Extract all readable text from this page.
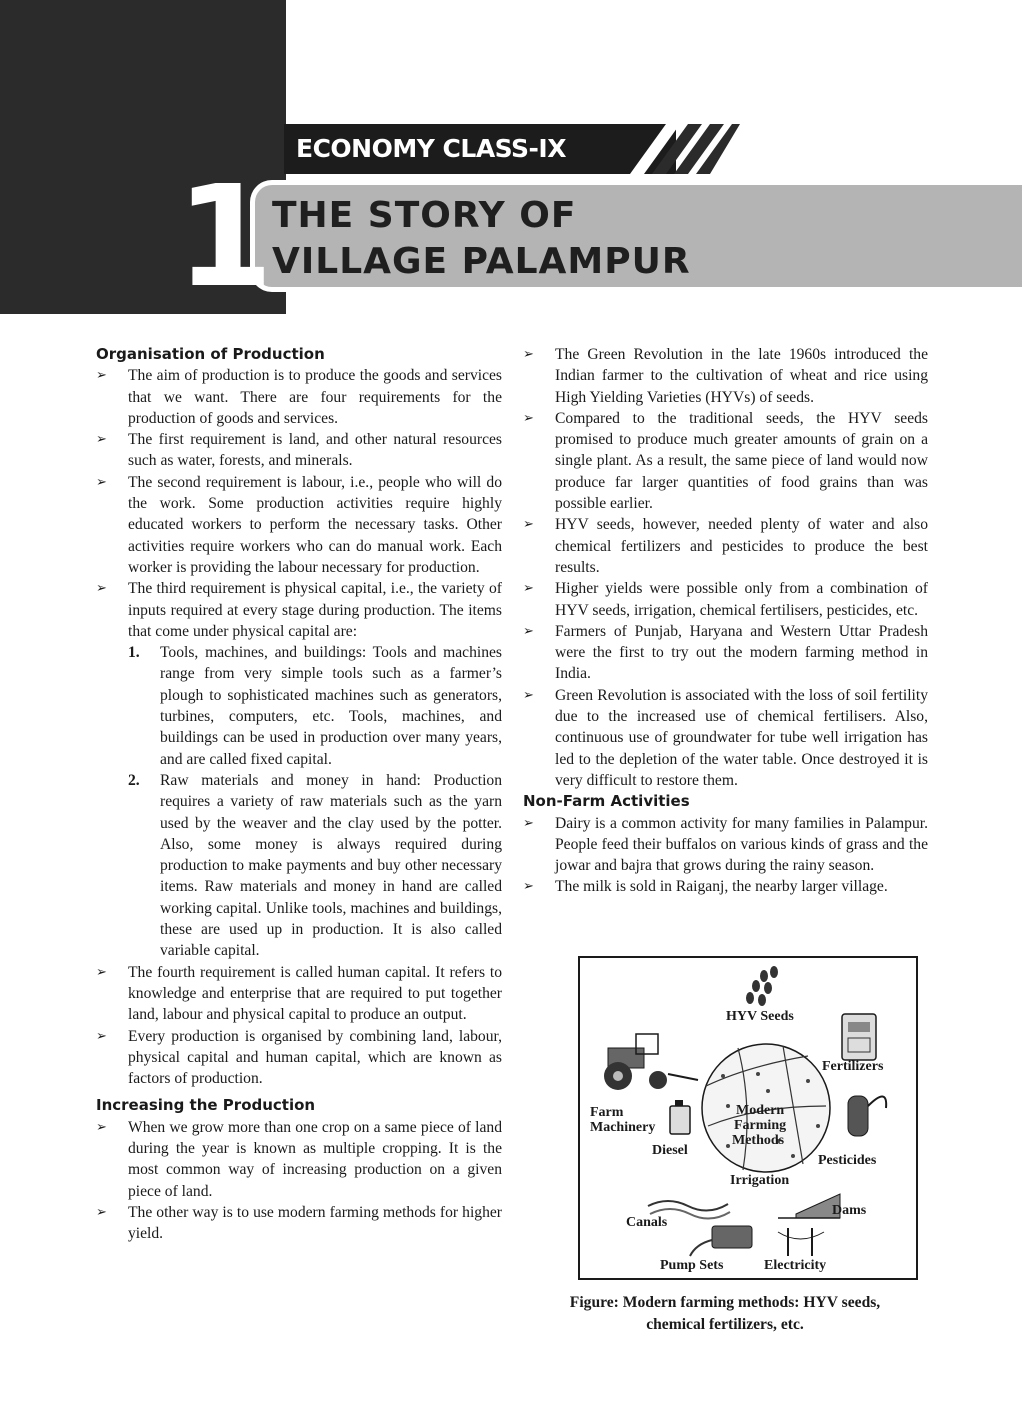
ECONOMY CLASS-IX
1
THE STORY OF
VILLAGE PALAMPUR
Organisation of Production
➢ The aim of production is to produce the goods and services that we want. There are four requirements for the production of goods and services.
➢ The first requirement is land, and other natural resources such as water, forests, and minerals.
➢ The second requirement is labour, i.e., people who will do the work. Some production activities require highly educated workers to perform the necessary tasks. Other activities require workers who can do manual work. Each worker is providing the labour necessary for production.
➢ The third requirement is physical capital, i.e., the variety of inputs required at every stage during production. The items that come under physical capital are:
1. Tools, machines, and buildings: Tools and machines range from very simple tools such as a farmer’s plough to sophisticated machines such as generators, turbines, computers, etc. Tools, machines, and buildings can be used in production over many years, and are called fixed capital.
2. Raw materials and money in hand: Production requires a variety of raw materials such as the yarn used by the weaver and the clay used by the potter. Also, some money is always required during production to make payments and buy other necessary items. Raw materials and money in hand are called working capital. Unlike tools, machines and buildings, these are used up in production. It is also called variable capital.
➢ The fourth requirement is called human capital. It refers to knowledge and enterprise that are required to put together land, labour and physical capital to produce an output.
➢ Every production is organised by combining land, labour, physical capital and human capital, which are known as factors of production.
Increasing the Production
➢ When we grow more than one crop on a same piece of land during the year is known as multiple cropping. It is the most common way of increasing production on a given piece of land.
➢ The other way is to use modern farming methods for higher yield.
➢ The Green Revolution in the late 1960s introduced the Indian farmer to the cultivation of wheat and rice using High Yielding Varieties (HYVs) of seeds.
➢ Compared to the traditional seeds, the HYV seeds promised to produce much greater amounts of grain on a single plant. As a result, the same piece of land would now produce far larger quantities of food grains than was possible earlier.
➢ HYV seeds, however, needed plenty of water and also chemical fertilizers and pesticides to produce the best results.
➢ Higher yields were possible only from a combination of HYV seeds, irrigation, chemical fertilisers, pesticides, etc.
➢ Farmers of Punjab, Haryana and Western Uttar Pradesh were the first to try out the modern farming method in India.
➢ Green Revolution is associated with the loss of soil fertility due to the increased use of chemical fertilisers. Also, continuous use of groundwater for tube well irrigation has led to the depletion of the water table. Once destroyed it is very difficult to restore them.
Non-Farm Activities
➢ Dairy is a common activity for many families in Palampur. People feed their buffalos on various kinds of grass and the jowar and bajra that grows during the rainy season.
➢ The milk is sold in Raiganj, the nearby larger village.
HYV Seeds
Fertilizers
Farm
Machinery
Diesel
Modern
Farming
Methods
Pesticides
Irrigation
Canals
Dams
Pump Sets	Electricity
Figure: Modern farming methods: HYV seeds,
chemical fertilizers, etc.
